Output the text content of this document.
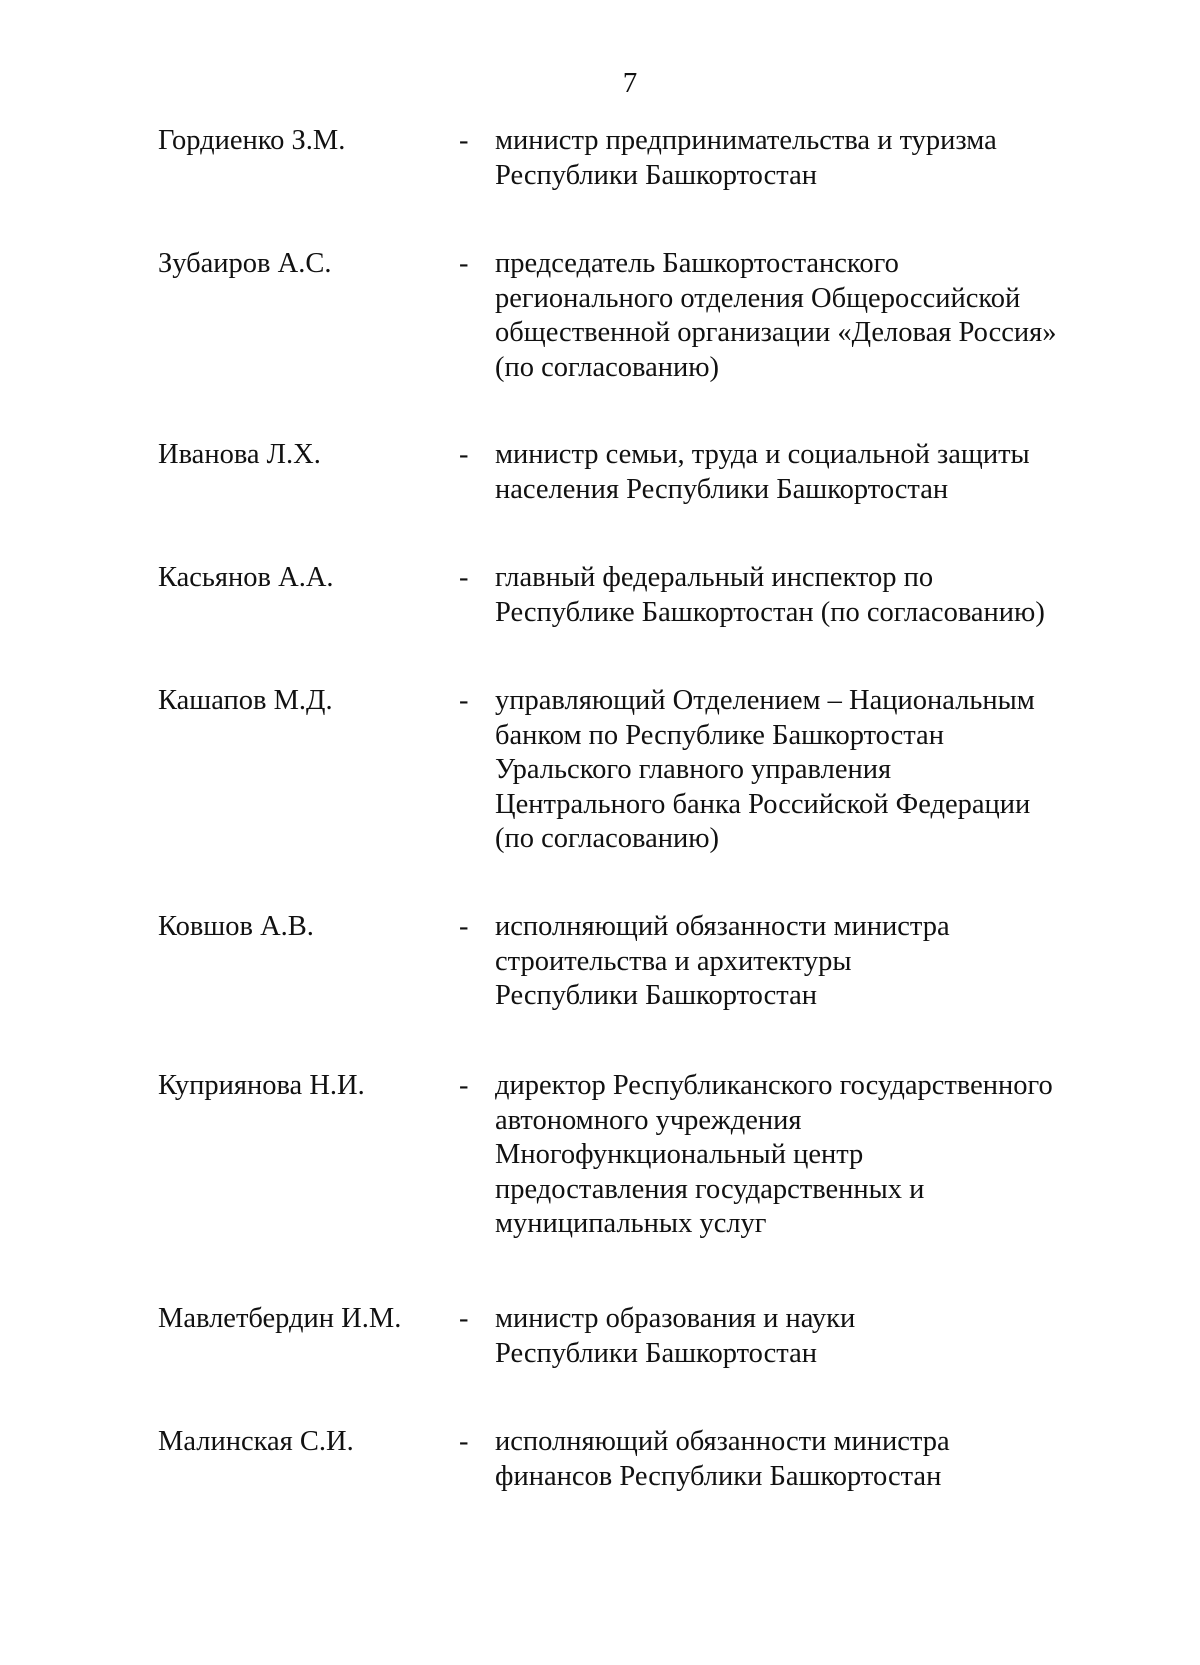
7
Гордиенко З.М.	- министр предпринимательства и туризма
Республики Башкортостан
Зубаиров А.С.	- председатель Башкортостанского
регионального отделения Общероссийской
общественной организации «Деловая Россия»
(по согласованию)
Иванова Л.Х.	- министр семьи, труда и социальной защиты
населения Республики Башкортостан
Касьянов А.А.	- главный федеральный инспектор по
Республике Башкортостан (по согласованию)
Кашапов М.Д.	- управляющий Отделением – Национальным
банком по Республике Башкортостан
Уральского главного управления
Центрального банка Российской Федерации
(по согласованию)
Ковшов А.В.	- исполняющий обязанности министра
строительства и архитектуры
Республики Башкортостан
Куприянова Н.И.	- директор Республиканского государственного
автономного учреждения
Многофункциональный центр
предоставления государственных и
муниципальных услуг
Мавлетбердин И.М.	- министр образования и науки
Республики Башкортостан
Малинская С.И.	- исполняющий обязанности министра
финансов Республики Башкортостан
